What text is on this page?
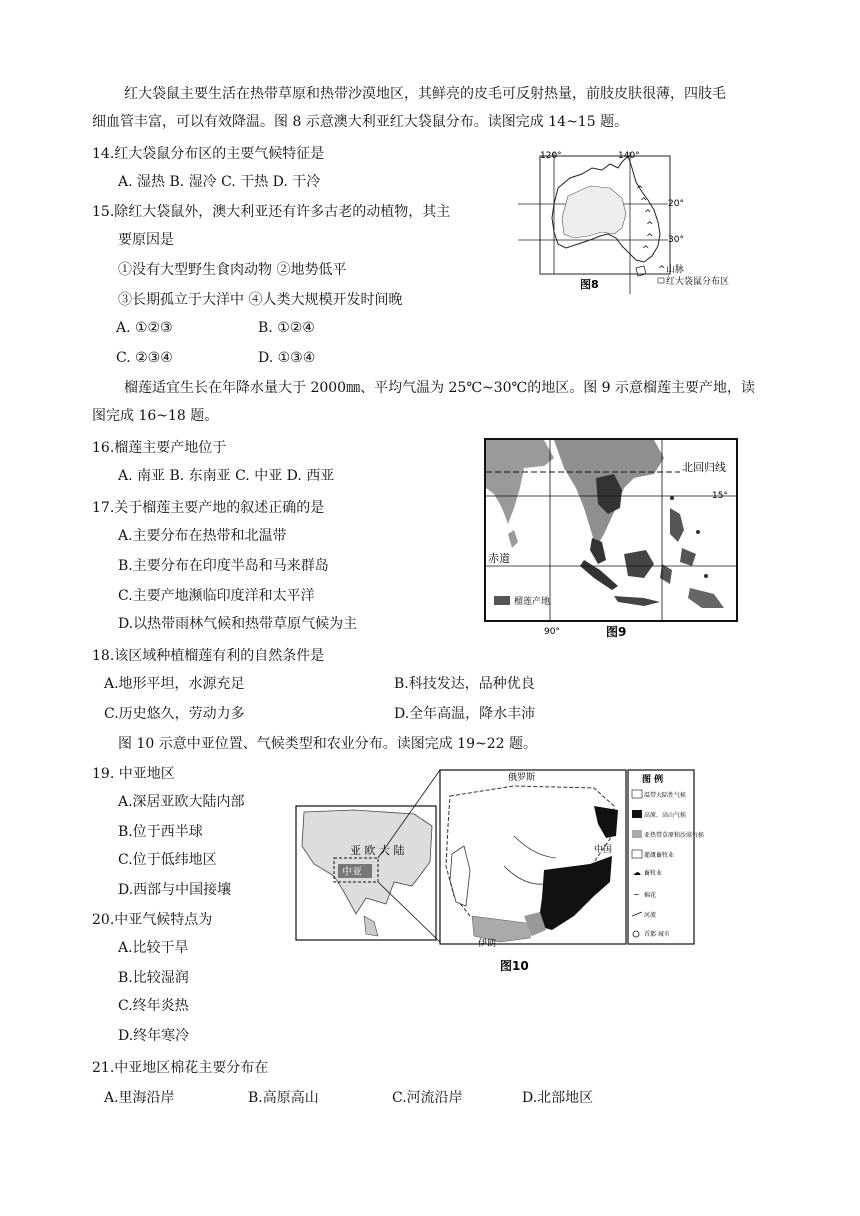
红大袋鼠主要生活在热带草原和热带沙漠地区，其鲜亮的皮毛可反射热量，前肢皮肤很薄，四肢毛
细血管丰富，可以有效降温。图 8 示意澳大利亚红大袋鼠分布。读图完成 14~15 题。
14.红大袋鼠分布区的主要气候特征是
A. 湿热 B. 湿冷 C. 干热 D. 干冷
15.除红大袋鼠外，澳大利亚还有许多古老的动植物，其主
要原因是
①没有大型野生食肉动物 ②地势低平
③长期孤立于大洋中 ④人类大规模开发时间晚
A. ①②③	B. ①②④
C. ②③④	D. ①③④
^
^
^
^
^
^
120°	140°
20°
30°
图8
^ 山脉
红大袋鼠分布区
榴莲适宜生长在年降水量大于 2000㎜、平均气温为 25℃~30℃的地区。图 9 示意榴莲主要产地，读
图完成 16~18 题。
16.榴莲主要产地位于
A. 南亚 B. 东南亚 C. 中亚 D. 西亚
17.关于榴莲主要产地的叙述正确的是
A.主要分布在热带和北温带
B.主要分布在印度半岛和马来群岛
C.主要产地濒临印度洋和太平洋
D.以热带雨林气候和热带草原气候为主
北回归线
15°
赤道
90°
榴莲产地
图9
18.该区域种植榴莲有利的自然条件是
A.地形平坦，水源充足	B.科技发达，品种优良
C.历史悠久，劳动力多	D.全年高温，降水丰沛
图 10 示意中亚位置、气候类型和农业分布。读图完成 19~22 题。
19. 中亚地区
A.深居亚欧大陆内部
B.位于西半球
C.位于低纬地区
D.西部与中国接壤
亚 欧 大 陆
中亚
俄罗斯
中国
伊朗
图10
图 例
温带大陆性气候
高原、高山气候
亚热带草原和沙漠气候
灌溉畜牧业
☁ 畜牧业
∽ 棉花
河流
首都 城市
20.中亚气候特点为
A.比较干旱
B.比较湿润
C.终年炎热
D.终年寒冷
21.中亚地区棉花主要分布在
A.里海沿岸	B.高原高山	C.河流沿岸	D.北部地区
